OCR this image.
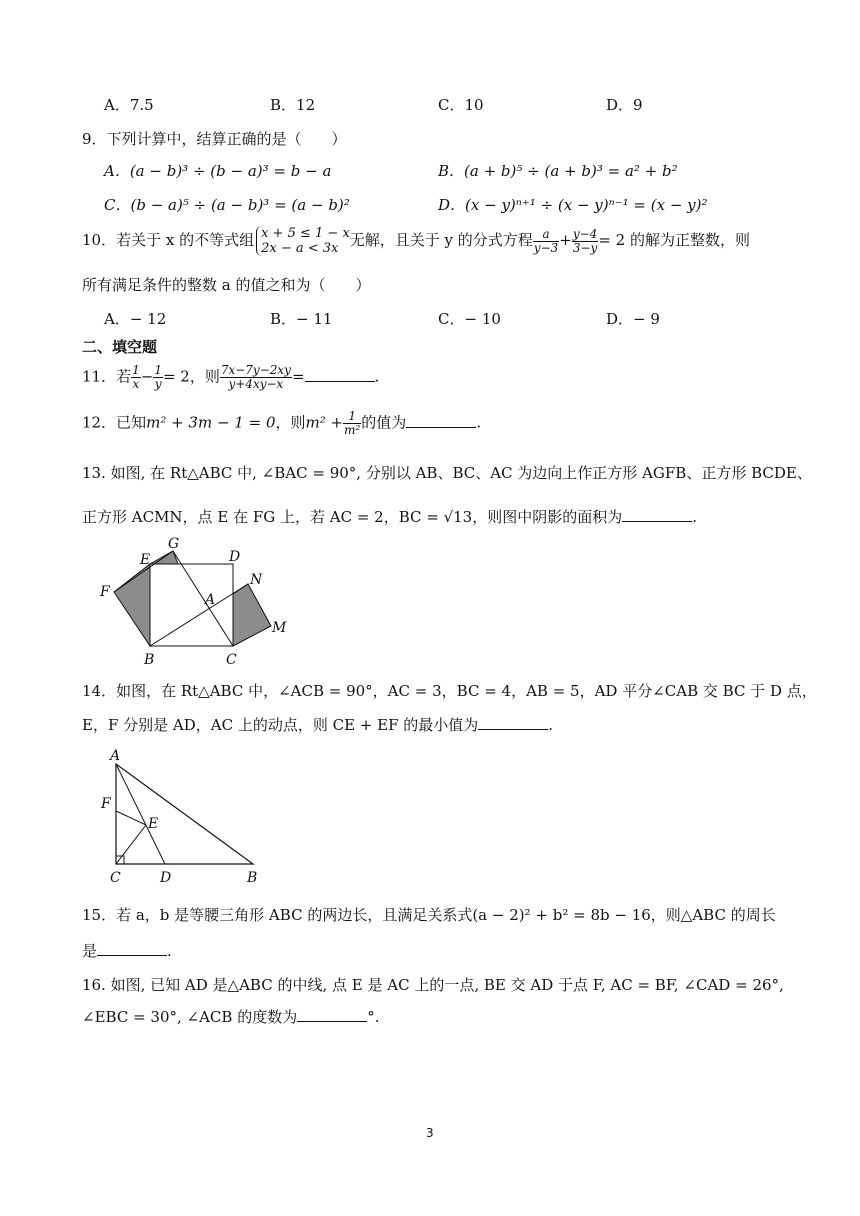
A．7.5	B．12	C．10	D．9
9．下列计算中，结算正确的是（　　）
A．(a − b)³ ÷ (b − a)³ = b − a	B．(a + b)⁵ ÷ (a + b)³ = a² + b²
C．(b − a)⁵ ÷ (a − b)³ = (a − b)²	D．(x − y)ⁿ⁺¹ ÷ (x − y)ⁿ⁻¹ = (x − y)²
10．若关于 x 的不等式组 x + 5 ≤ 1 − x
2x − a < 3x 无解，且关于 y 的分式方程 $\frac{a}{y-3} + \frac{y-4}{3-y} = 2$ 的解为正整数，则
所有满足条件的整数 a 的值之和为（　　）
A．− 12	B．− 11	C．− 10	D．− 9
二、填空题
11．若 $\frac{1}{x} - \frac{1}{y} = 2$，则 $\frac{7x-7y-2xy}{y+4xy-x}$ =	.
12．已知m² + 3m − 1 = 0，则$m^2 + \frac{1}{\text{m²}}$ 的值为	.
13. 如图, 在 Rt△ABC 中, ∠BAC = 90°, 分别以 AB、BC、AC 为边向上作正方形 AGFB、正方形 BCDE、
正方形 ACMN，点 E 在 FG 上，若 AC = 2，BC = √13，则图中阴影的面积为	.
E
G
D
F
N
A
M
B	C
14．如图，在 Rt△ABC 中，∠ACB = 90°，AC = 3，BC = 4，AB = 5，AD 平分∠CAB 交 BC 于 D 点，
E，F 分别是 AD，AC 上的动点，则 CE + EF 的最小值为	.
A
F
E
C	D	B
15．若 a，b 是等腰三角形 ABC 的两边长，且满足关系式(a − 2)² + b² = 8b − 16，则△ABC 的周长
是	.
16. 如图, 已知 AD 是△ABC 的中线, 点 E 是 AC 上的一点, BE 交 AD 于点 F, AC = BF, ∠CAD = 26°,
∠EBC = 30°, ∠ACB 的度数为	°.
3
